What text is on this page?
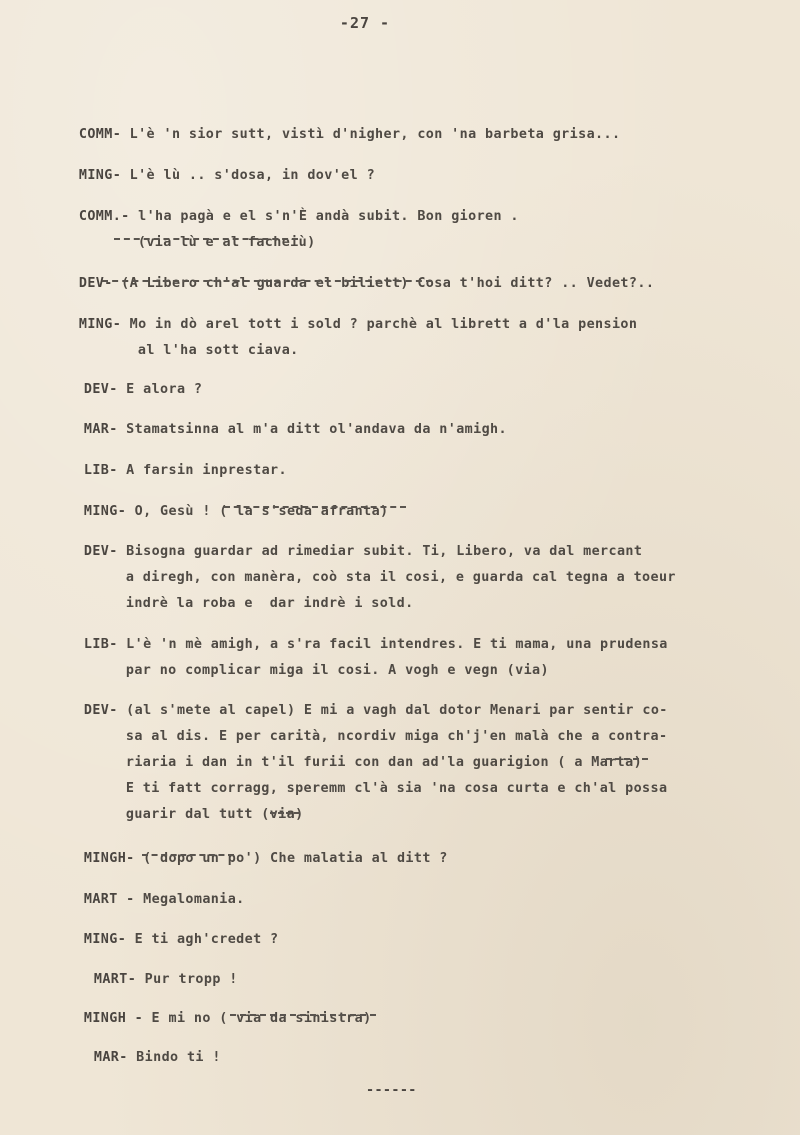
-27 -

COMM- L'è 'n sior sutt, vistì d'nigher, con 'na barbeta grisa...

MING- L'è lù .. s'dosa, in dov'el ?

COMM.- l'ha pagà e el s'n'È andà subit. Bon gioren .

(via lù e al facheiù)

DEV- (A Libero ch'al guarda el biliett) Cosa t'hoi ditt? .. Vedet?..

MING- Mo in dò arel tott i sold ? parchè al librett a d'la pension

al l'ha sott ciava.

DEV- E alora ?

MAR- Stamatsinna al m'a ditt ol'andava da n'amigh.

LIB- A farsin inprestar.

MING- O, Gesù ! ( la s'seda afranta)

DEV- Bisogna guardar ad rimediar subit. Ti, Libero, va dal mercant

a diregh, con manèra, coò sta il cosi, e guarda cal tegna a toeur

indrè la roba e  dar indrè i sold.

LIB- L'è 'n mè amigh, a s'ra facil intendres. E ti mama, una prudensa

par no complicar miga il cosi. A vogh e vegn (via)

DEV- (al s'mete al capel) E mi a vagh dal dotor Menari par sentir co-

sa al dis. E per carità, ncordiv miga ch'j'en malà che a contra-

riaria i dan in t'il furii con dan ad'la guarigion ( a Marta)

E ti fatt corragg, speremm cl'à sia 'na cosa curta e ch'al possa

guarir dal tutt (via)

MINGH- ( dopo un po') Che malatia al ditt ?

MART - Megalomania.

MING- E ti agh'credet ?

MART- Pur tropp !

MINGH - E mi no ( via da sinistra)

MAR- Bindo ti !

------
